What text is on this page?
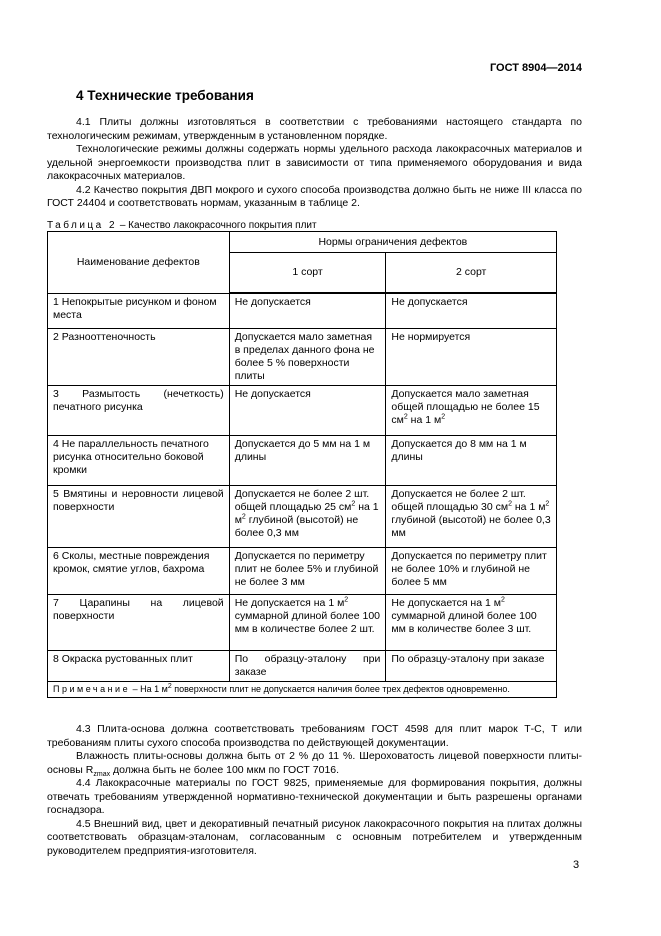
ГОСТ 8904—2014
4 Технические требования
4.1 Плиты должны изготовляться в соответствии с требованиями настоящего стандарта по технологическим режимам, утвержденным в установленном порядке.
Технологические режимы должны содержать нормы удельного расхода лакокрасочных материалов и удельной энергоемкости производства плит в зависимости от типа применяемого оборудования и вида лакокрасочных материалов.
4.2 Качество покрытия ДВП мокрого и сухого способа производства должно быть не ниже III класса по ГОСТ 24404 и соответствовать нормам, указанным в таблице 2.
Таблица 2 – Качество лакокрасочного покрытия плит
Наименование дефектов	Нормы ограничения дефектов	
	1 сорт	2 сорт
1 Непокрытые рисунком и фоном места	Не допускается	Не допускается
2 Разнооттеночность	Допускается мало заметная в пределах данного фона не более 5 % поверхности плиты	Не нормируется
3 Размытость (нечеткость) печатного рисунка	Не допускается	Допускается мало заметная общей площадью не более 15 $см^2$ на 1 $м^2$
4 Не параллельность печатного рисунка относительно боковой кромки	Допускается до 5 мм на 1 м длины	Допускается до 8 мм на 1 м длины
5 Вмятины и неровности лицевой поверхности	Допускается не более 2 шт. общей площадью 25 $см^2$ на 1 $м^2$ глубиной (высотой) не более 0,3 мм	Допускается не более 2 шт. общей площадью 30 $см^2$ на 1 $м^2$ глубиной (высотой) не более 0,3 мм
6 Сколы, местные повреждения кромок, смятие углов, бахрома	Допускается по периметру плит не более 5% и глубиной не более 3 мм	Допускается по периметру плит не более 10% и глубиной не более 5 мм
7 Царапины на лицевой поверхности	Не допускается на 1 $м^2$ суммарной длиной более 100 мм в количестве более 2 шт.	Не допускается на 1 $м^2$ суммарной длиной более 100 мм в количестве более 3 шт.
8 Окраска рустованных плит	По образцу-эталону при заказе	По образцу-эталону при заказе
Примечание – На 1 $м^2$ поверхности плит не допускается наличия более трех дефектов одновременно.		
4.3 Плита-основа должна соответствовать требованиям ГОСТ 4598 для плит марок Т-С, Т или требованиям плиты сухого способа производства по действующей документации.
Влажность плиты-основы должна быть от 2 % до 11 %. Шероховатость лицевой поверхности плиты-основы $R_{zmax}$ должна быть не более 100 мкм по ГОСТ 7016.
4.4 Лакокрасочные материалы по ГОСТ 9825, применяемые для формирования покрытия, должны отвечать требованиям утвержденной нормативно-технической документации и быть разрешены органами госнадзора.
4.5 Внешний вид, цвет и декоративный печатный рисунок лакокрасочного покрытия на плитах должны соответствовать образцам-эталонам, согласованным с основным потребителем и утвержденным руководителем предприятия-изготовителя.
3
